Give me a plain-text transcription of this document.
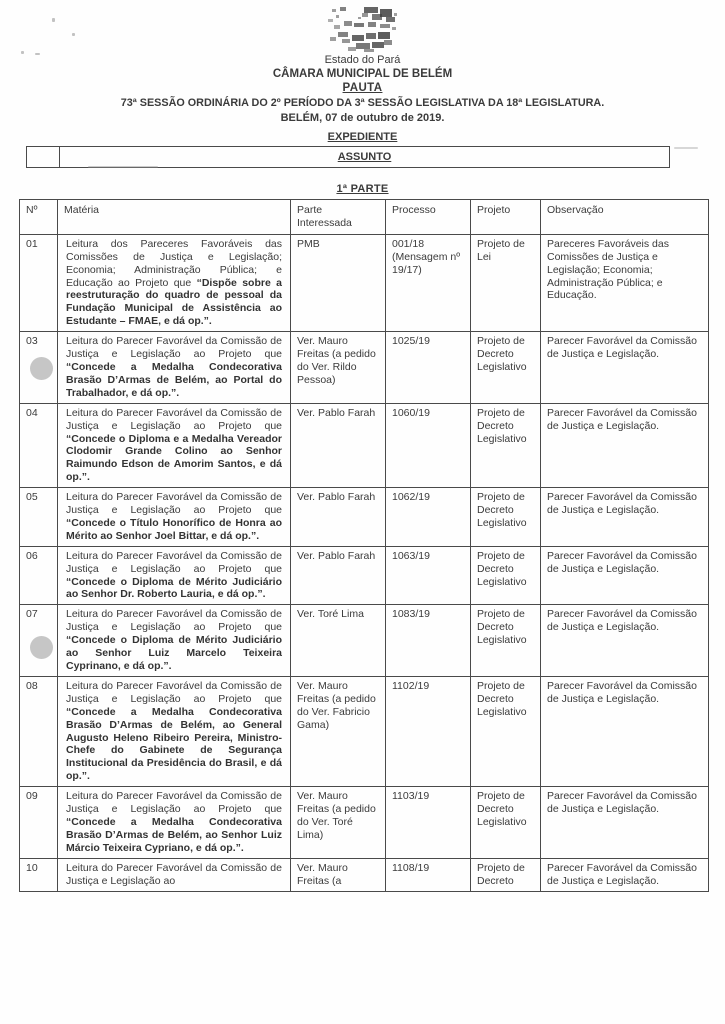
Estado do Pará
CÂMARA MUNICIPAL DE BELÉM
PAUTA
73ª SESSÃO ORDINÁRIA DO 2º PERÍODO DA 3ª SESSÃO LEGISLATIVA DA 18ª LEGISLATURA.
BELÉM, 07 de outubro de 2019.
EXPEDIENTE
ASSUNTO
1ª PARTE
Nº	Matéria	Parte Interessada	Processo	Projeto	Observação
01	Leitura dos Pareceres Favoráveis das Comissões de Justiça e Legislação; Economia; Administração Pública; e Educação ao Projeto que “Dispõe sobre a reestruturação do quadro de pessoal da Fundação Municipal de Assistência ao Estudante – FMAE, e dá op.”.	PMB	001/18 (Mensagem nº 19/17)	Projeto de Lei	Pareceres Favoráveis das Comissões de Justiça e Legislação; Economia; Administração Pública; e Educação.
03	Leitura do Parecer Favorável da Comissão de Justiça e Legislação ao Projeto que “Concede a Medalha Condecorativa Brasão D’Armas de Belém, ao Portal do Trabalhador, e dá op.”.	Ver. Mauro Freitas (a pedido do Ver. Rildo Pessoa)	1025/19	Projeto de Decreto Legislativo	Parecer Favorável da Comissão de Justiça e Legislação.
04	Leitura do Parecer Favorável da Comissão de Justiça e Legislação ao Projeto que “Concede o Diploma e a Medalha Vereador Clodomir Grande Colino ao Senhor Raimundo Edson de Amorim Santos, e dá op.”.	Ver. Pablo Farah	1060/19	Projeto de Decreto Legislativo	Parecer Favorável da Comissão de Justiça e Legislação.
05	Leitura do Parecer Favorável da Comissão de Justiça e Legislação ao Projeto que “Concede o Título Honorífico de Honra ao Mérito ao Senhor Joel Bittar, e dá op.”.	Ver. Pablo Farah	1062/19	Projeto de Decreto Legislativo	Parecer Favorável da Comissão de Justiça e Legislação.
06	Leitura do Parecer Favorável da Comissão de Justiça e Legislação ao Projeto que “Concede o Diploma de Mérito Judiciário ao Senhor Dr. Roberto Lauria, e dá op.”.	Ver. Pablo Farah	1063/19	Projeto de Decreto Legislativo	Parecer Favorável da Comissão de Justiça e Legislação.
07	Leitura do Parecer Favorável da Comissão de Justiça e Legislação ao Projeto que “Concede o Diploma de Mérito Judiciário ao Senhor Luiz Marcelo Teixeira Cyprinano, e dá op.”.	Ver. Toré Lima	1083/19	Projeto de Decreto Legislativo	Parecer Favorável da Comissão de Justiça e Legislação.
08	Leitura do Parecer Favorável da Comissão de Justiça e Legislação ao Projeto que “Concede a Medalha Condecorativa Brasão D’Armas de Belém, ao General Augusto Heleno Ribeiro Pereira, Ministro-Chefe do Gabinete de Segurança Institucional da Presidência do Brasil, e dá op.”.	Ver. Mauro Freitas (a pedido do Ver. Fabricio Gama)	1102/19	Projeto de Decreto Legislativo	Parecer Favorável da Comissão de Justiça e Legislação.
09	Leitura do Parecer Favorável da Comissão de Justiça e Legislação ao Projeto que “Concede a Medalha Condecorativa Brasão D’Armas de Belém, ao Senhor Luiz Márcio Teixeira Cypriano, e dá op.”.	Ver. Mauro Freitas (a pedido do Ver. Toré Lima)	1103/19	Projeto de Decreto Legislativo	Parecer Favorável da Comissão de Justiça e Legislação.
10	Leitura do Parecer Favorável da Comissão de Justiça e Legislação ao	Ver. Mauro Freitas (a	1108/19	Projeto de Decreto	Parecer Favorável da Comissão de Justiça e Legislação.
